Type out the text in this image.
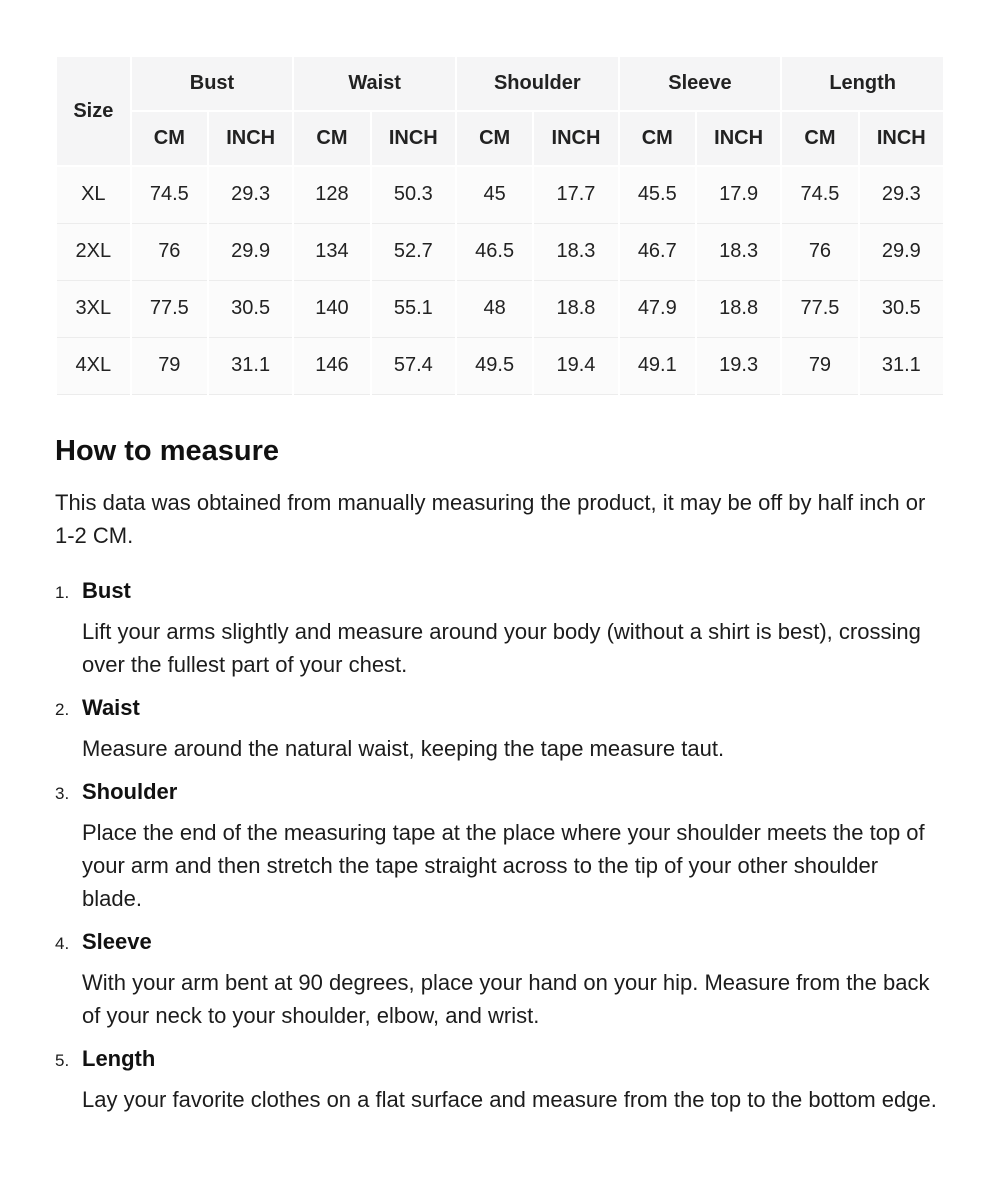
Size	Bust		Waist		Shoulder		Sleeve		Length	
	CM	INCH	CM	INCH	CM	INCH	CM	INCH	CM	INCH
XL	74.5	29.3	128	50.3	45	17.7	45.5	17.9	74.5	29.3
2XL	76	29.9	134	52.7	46.5	18.3	46.7	18.3	76	29.9
3XL	77.5	30.5	140	55.1	48	18.8	47.9	18.8	77.5	30.5
4XL	79	31.1	146	57.4	49.5	19.4	49.1	19.3	79	31.1
How to measure

This data was obtained from manually measuring the product, it may be off by half inch or 1-2 CM.

1. Bust
Lift your arms slightly and measure around your body (without a shirt is best), crossing over the fullest part of your chest.
2. Waist
Measure around the natural waist, keeping the tape measure taut.
3. Shoulder
Place the end of the measuring tape at the place where your shoulder meets the top of your arm and then stretch the tape straight across to the tip of your other shoulder blade.
4. Sleeve
With your arm bent at 90 degrees, place your hand on your hip. Measure from the back of your neck to your shoulder, elbow, and wrist.
5. Length
Lay your favorite clothes on a flat surface and measure from the top to the bottom edge.
